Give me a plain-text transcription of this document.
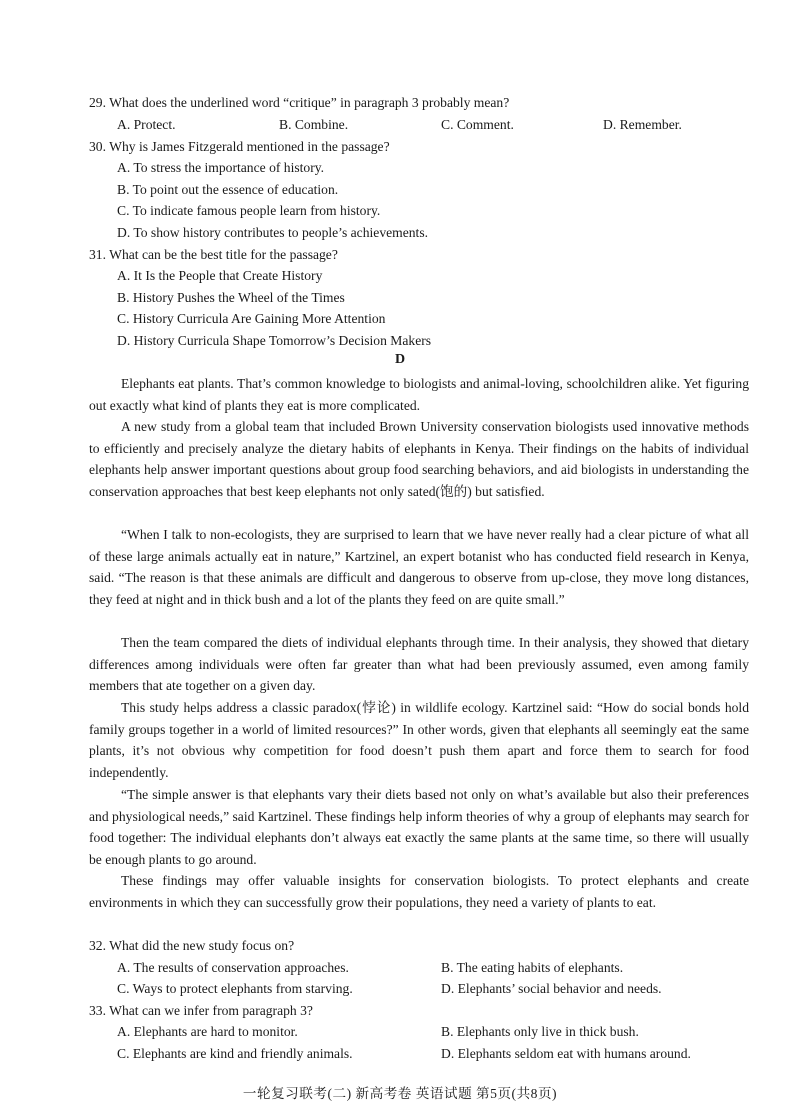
29. What does the underlined word “critique” in paragraph 3 probably mean?
A. Protect.	B. Combine.	C. Comment.	D. Remember.
30. Why is James Fitzgerald mentioned in the passage?
A. To stress the importance of history.
B. To point out the essence of education.
C. To indicate famous people learn from history.
D. To show history contributes to people’s achievements.
31. What can be the best title for the passage?
A. It Is the People that Create History
B. History Pushes the Wheel of the Times
C. History Curricula Are Gaining More Attention
D. History Curricula Shape Tomorrow’s Decision Makers
D
Elephants eat plants. That’s common knowledge to biologists and animal-loving, schoolchildren alike. Yet figuring out exactly what kind of plants they eat is more complicated.
A new study from a global team that included Brown University conservation biologists used innovative methods to efficiently and precisely analyze the dietary habits of elephants in Kenya. Their findings on the habits of individual elephants help answer important questions about group food searching behaviors, and aid biologists in understanding the conservation approaches that best keep elephants not only sated(饱的) but satisfied.
“When I talk to non-ecologists, they are surprised to learn that we have never really had a clear picture of what all of these large animals actually eat in nature,” Kartzinel, an expert botanist who has conducted field research in Kenya, said. “The reason is that these animals are difficult and dangerous to observe from up-close, they move long distances, they feed at night and in thick bush and a lot of the plants they feed on are quite small.”
Then the team compared the diets of individual elephants through time. In their analysis, they showed that dietary differences among individuals were often far greater than what had been previously assumed, even among family members that ate together on a given day.
This study helps address a classic paradox(悖论) in wildlife ecology. Kartzinel said: “How do social bonds hold family groups together in a world of limited resources?” In other words, given that elephants all seemingly eat the same plants, it’s not obvious why competition for food doesn’t push them apart and force them to search for food independently.
“The simple answer is that elephants vary their diets based not only on what’s available but also their preferences and physiological needs,” said Kartzinel. These findings help inform theories of why a group of elephants may search for food together: The individual elephants don’t always eat exactly the same plants at the same time, so there will usually be enough plants to go around.
These findings may offer valuable insights for conservation biologists. To protect elephants and create environments in which they can successfully grow their populations, they need a variety of plants to eat.
32. What did the new study focus on?
A. The results of conservation approaches.	B. The eating habits of elephants.
C. Ways to protect elephants from starving.	D. Elephants’ social behavior and needs.
33. What can we infer from paragraph 3?
A. Elephants are hard to monitor.	B. Elephants only live in thick bush.
C. Elephants are kind and friendly animals.	D. Elephants seldom eat with humans around.
一轮复习联考(二) 新高考卷 英语试题 第5页(共8页)
